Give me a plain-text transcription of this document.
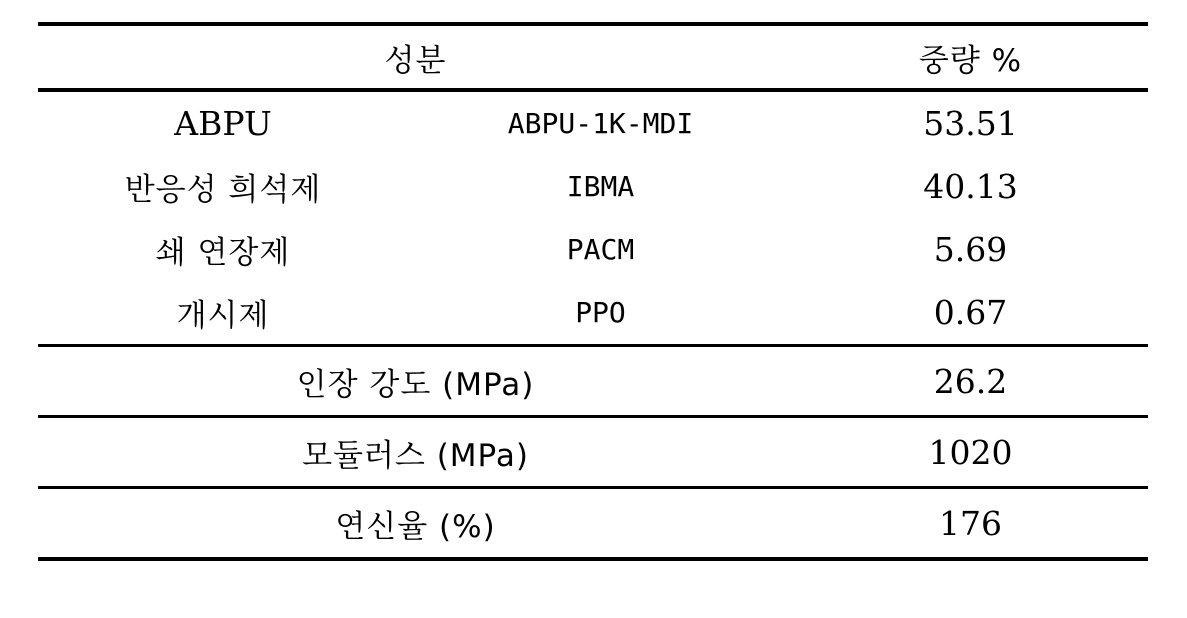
성분		중량 %
ABPU	ABPU-1K-MDI	53.51
반응성 희석제	IBMA	40.13
쇄 연장제	PACM	5.69
개시제	PPO	0.67
인장 강도 (MPa)		26.2
모듈러스 (MPa)		1020
연신율 (%)		176
